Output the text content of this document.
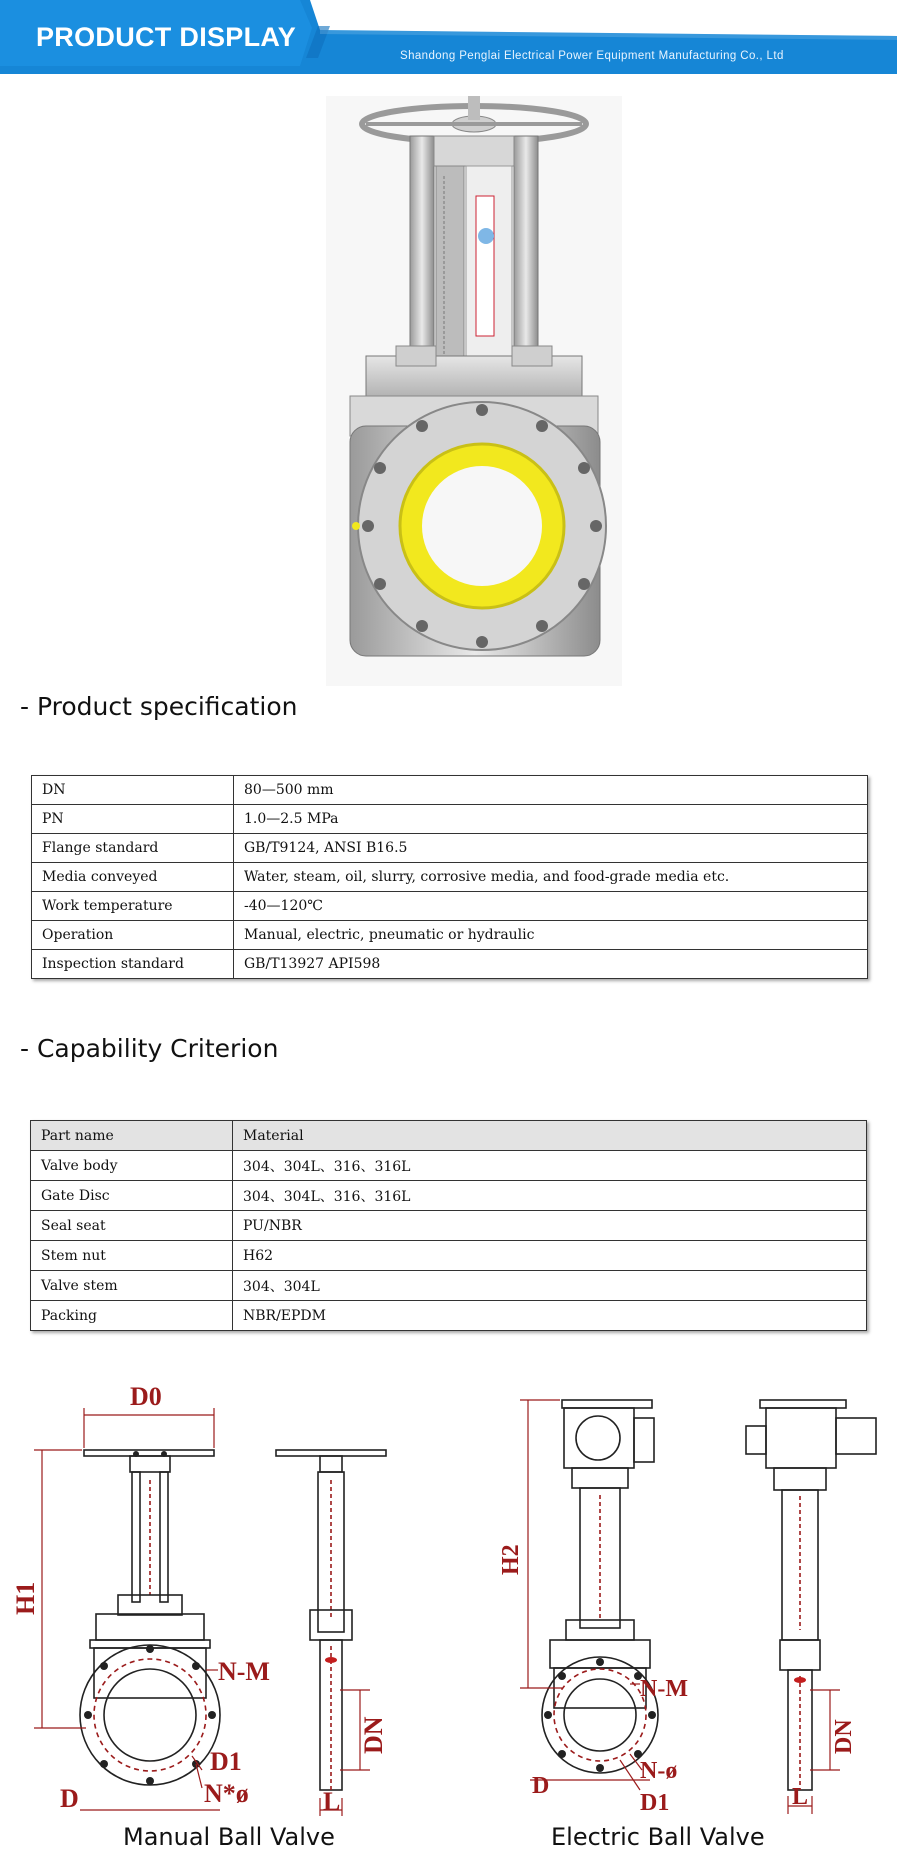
PRODUCT DISPLAY
Shandong Penglai Electrical Power Equipment Manufacturing Co., Ltd
- Product specification
DN	80—500 mm
PN	1.0—2.5 MPa
Flange standard	GB/T9124, ANSI B16.5
Media conveyed	Water, steam, oil, slurry, corrosive media, and food-grade media etc.
Work temperature	-40—120℃
Operation	Manual, electric, pneumatic or hydraulic
Inspection standard	GB/T13927 API598
- Capability Criterion
Part name	Material
Valve body	304、304L、316、316L
Gate Disc	304、304L、316、316L
Seal seat	PU/NBR
Stem nut	H62
Valve stem	304、304L
Packing	NBR/EPDM
D0
H1
N-M
D1
D	N*ø
DN
L
Manual Ball Valve
H2
N-M
N-ø
D
D1
DN
L
Electric Ball Valve
